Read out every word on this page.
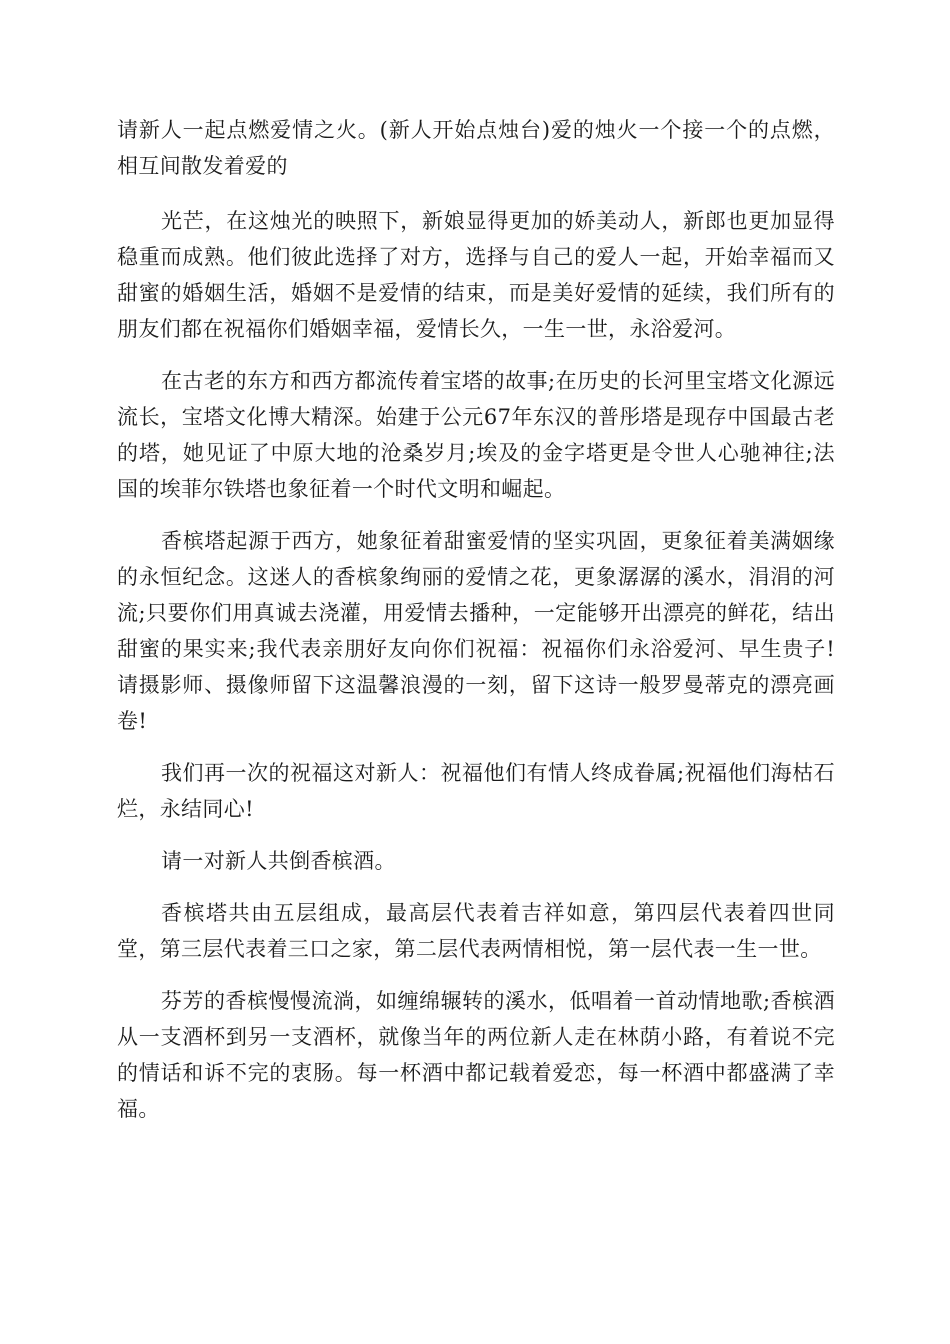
请新人一起点燃爱情之火。(新人开始点烛台)爱的烛火一个接一个的点燃，相互间散发着爱的

光芒，在这烛光的映照下，新娘显得更加的娇美动人，新郎也更加显得稳重而成熟。他们彼此选择了对方，选择与自己的爱人一起，开始幸福而又甜蜜的婚姻生活，婚姻不是爱情的结束，而是美好爱情的延续，我们所有的朋友们都在祝福你们婚姻幸福，爱情长久，一生一世，永浴爱河。

在古老的东方和西方都流传着宝塔的故事;在历史的长河里宝塔文化源远流长，宝塔文化博大精深。始建于公元67年东汉的普彤塔是现存中国最古老的塔，她见证了中原大地的沧桑岁月;埃及的金字塔更是令世人心驰神往;法国的埃菲尔铁塔也象征着一个时代文明和崛起。

香槟塔起源于西方，她象征着甜蜜爱情的坚实巩固，更象征着美满姻缘的永恒纪念。这迷人的香槟象绚丽的爱情之花，更象潺潺的溪水，涓涓的河流;只要你们用真诚去浇灌，用爱情去播种，一定能够开出漂亮的鲜花，结出甜蜜的果实来;我代表亲朋好友向你们祝福：祝福你们永浴爱河、早生贵子!请摄影师、摄像师留下这温馨浪漫的一刻，留下这诗一般罗曼蒂克的漂亮画卷!

我们再一次的祝福这对新人：祝福他们有情人终成眷属;祝福他们海枯石烂，永结同心!

请一对新人共倒香槟酒。

香槟塔共由五层组成，最高层代表着吉祥如意，第四层代表着四世同堂，第三层代表着三口之家，第二层代表两情相悦，第一层代表一生一世。

芬芳的香槟慢慢流淌，如缠绵辗转的溪水，低唱着一首动情地歌;香槟酒从一支酒杯到另一支酒杯，就像当年的两位新人走在林荫小路，有着说不完的情话和诉不完的衷肠。每一杯酒中都记载着爱恋，每一杯酒中都盛满了幸福。
